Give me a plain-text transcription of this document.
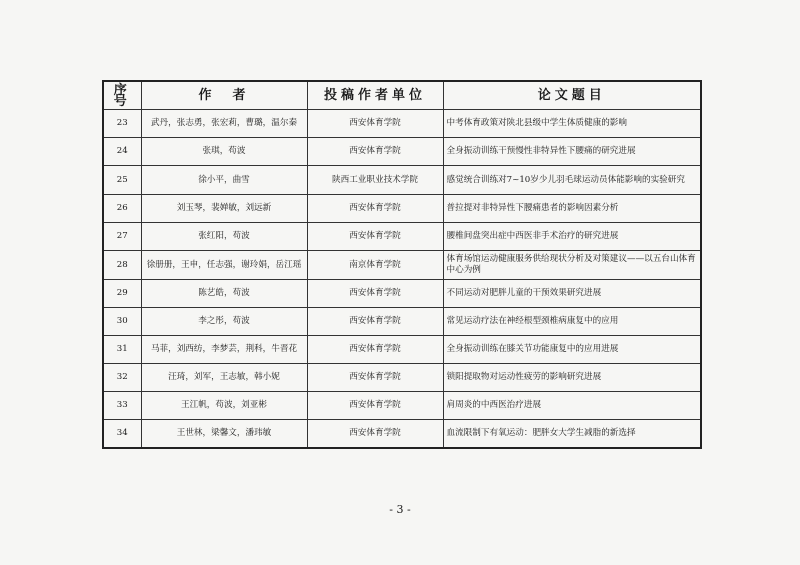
序号	作　者	投稿作者单位	论文题目
23	武丹，张志勇，张宏莉，曹璐，温尔秦	西安体育学院	中考体育政策对陕北县级中学生体质健康的影响
24	张琪，苟波	西安体育学院	全身振动训练干预慢性非特异性下腰痛的研究进展
25	徐小平，曲雪	陕西工业职业技术学院	感觉统合训练对7~10岁少儿羽毛球运动员体能影响的实验研究
26	刘玉琴，裴婵敏，刘远新	西安体育学院	普拉提对非特异性下腰痛患者的影响因素分析
27	张红阳，苟波	西安体育学院	腰椎间盘突出症中西医非手术治疗的研究进展
28	徐册册，王申，任志强，谢玲娟，岳江瑶	南京体育学院	体育场馆运动健康服务供给现状分析及对策建议——以五台山体育中心为例
29	陈艺皓，苟波	西安体育学院	不同运动对肥胖儿童的干预效果研究进展
30	李之彤，苟波	西安体育学院	常见运动疗法在神经根型颈椎病康复中的应用
31	马菲，刘西纺，李梦芸，荆科，牛晋花	西安体育学院	全身振动训练在膝关节功能康复中的应用进展
32	汪琦，刘军，王志敏，韩小妮	西安体育学院	锁阳提取物对运动性疲劳的影响研究进展
33	王江帆，苟波，刘亚彬	西安体育学院	肩周炎的中西医治疗进展
34	王世林，梁馨文，潘玮敏	西安体育学院	血流限制下有氧运动：肥胖女大学生减脂的新选择
- 3 -
